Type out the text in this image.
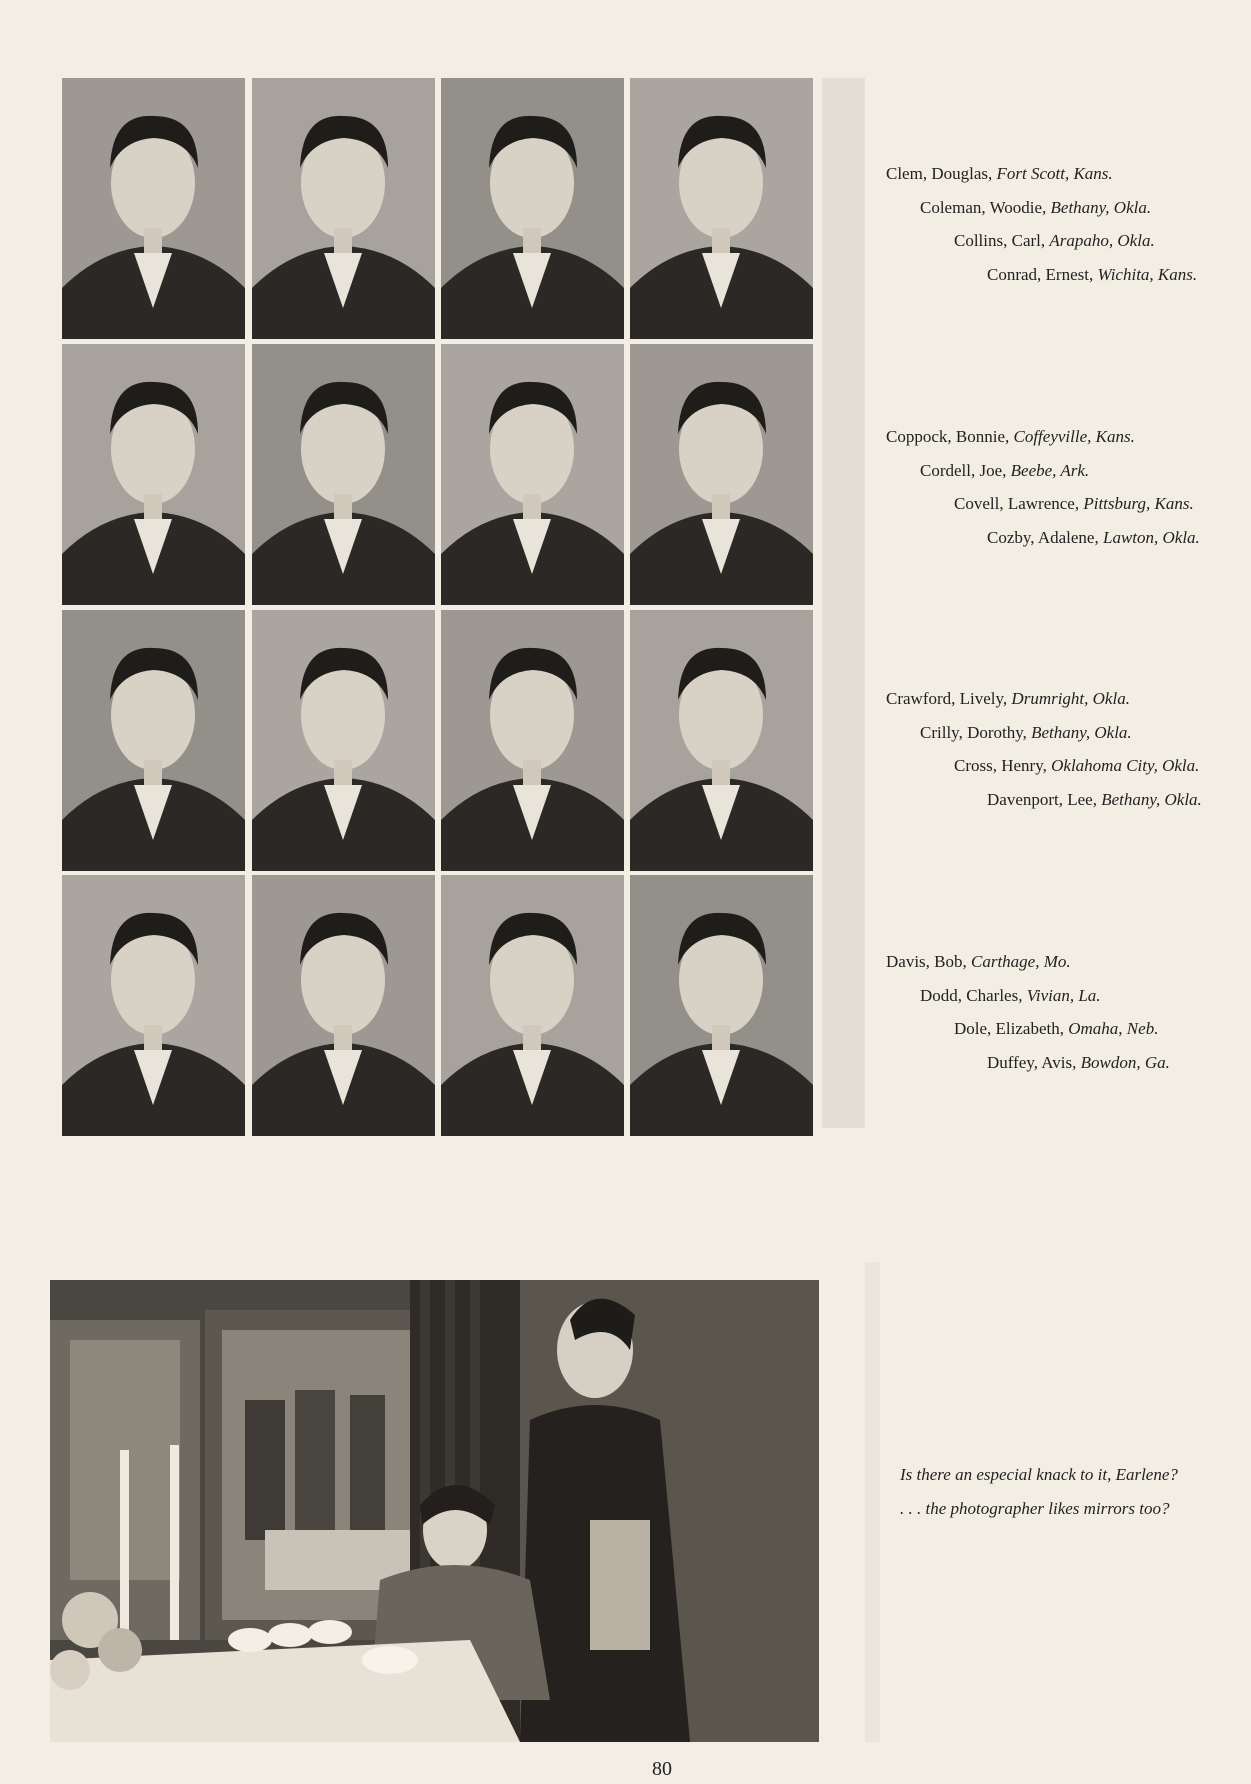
Clem, Douglas, Fort Scott, Kans.
Coleman, Woodie, Bethany, Okla.
Collins, Carl, Arapaho, Okla.
Conrad, Ernest, Wichita, Kans.
Coppock, Bonnie, Coffeyville, Kans.
Cordell, Joe, Beebe, Ark.
Covell, Lawrence, Pittsburg, Kans.
Cozby, Adalene, Lawton, Okla.
Crawford, Lively, Drumright, Okla.
Crilly, Dorothy, Bethany, Okla.
Cross, Henry, Oklahoma City, Okla.
Davenport, Lee, Bethany, Okla.
Davis, Bob, Carthage, Mo.
Dodd, Charles, Vivian, La.
Dole, Elizabeth, Omaha, Neb.
Duffey, Avis, Bowdon, Ga.
Is there an especial knack to it, Earlene?
. . . the photographer likes mirrors too?
80
